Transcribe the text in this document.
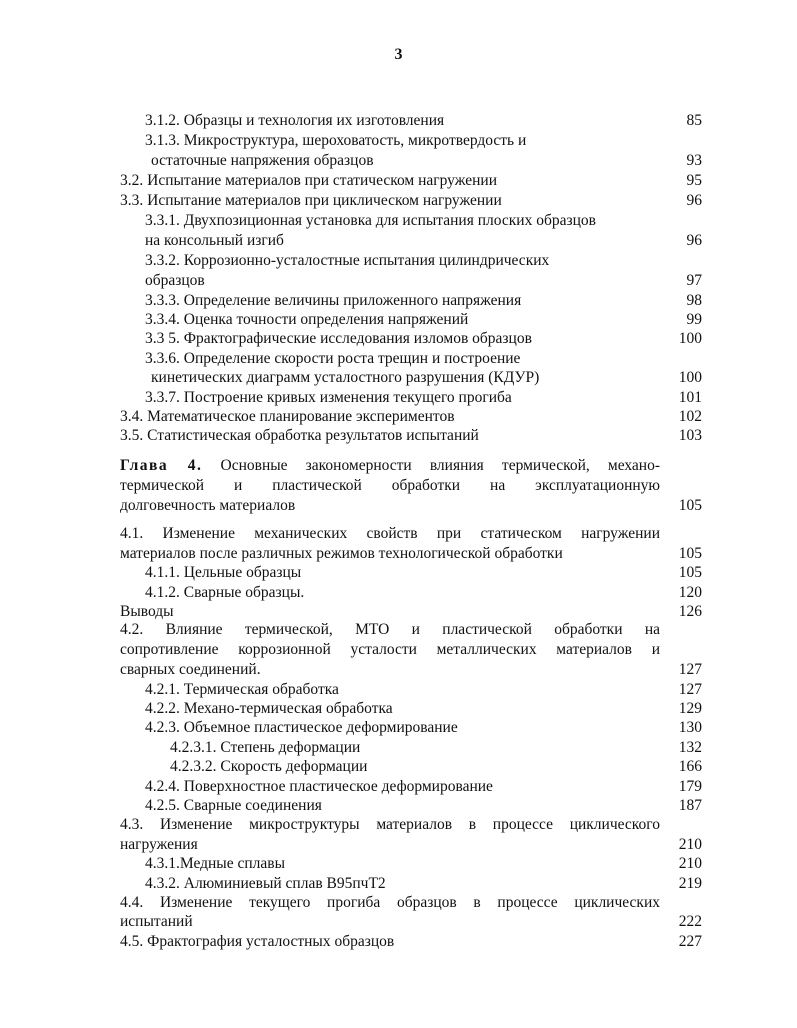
3
3.1.2. Образцы и технология их изготовления	85
3.1.3. Микроструктура, шероховатость, микротвердость и
остаточные напряжения образцов	93
3.2. Испытание материалов при статическом нагружении	95
3.3. Испытание материалов при циклическом нагружении	96
3.3.1. Двухпозиционная установка для испытания плоских образцов
на консольный изгиб	96
3.3.2. Коррозионно-усталостные испытания цилиндрических
образцов	97
3.3.3. Определение величины приложенного напряжения	98
3.3.4. Оценка точности определения напряжений	99
3.3 5. Фрактографические исследования изломов образцов	100
3.3.6. Определение скорости роста трещин и построение
кинетических диаграмм усталостного разрушения (КДУР)	100
3.3.7. Построение кривых изменения текущего прогиба	101
3.4. Математическое планирование экспериментов	102
3.5. Статистическая обработка результатов испытаний	103
Глава 4. Основные закономерности влияния термической, механо-
термической и пластической обработки на эксплуатационную
долговечность материалов	105
4.1. Изменение механических свойств при статическом нагружении
материалов после различных режимов технологической обработки	105
4.1.1. Цельные образцы	105
4.1.2. Сварные образцы.	120
Выводы	126
4.2. Влияние термической, МТО и пластической обработки на
сопротивление коррозионной усталости металлических материалов и
сварных соединений.	127
4.2.1. Термическая обработка	127
4.2.2. Механо-термическая обработка	129
4.2.3. Объемное пластическое деформирование	130
4.2.3.1. Степень деформации	132
4.2.3.2. Скорость деформации	166
4.2.4. Поверхностное пластическое деформирование	179
4.2.5. Сварные соединения	187
4.3. Изменение микроструктуры материалов в процессе циклического
нагружения	210
4.3.1.Медные сплавы	210
4.3.2. Алюминиевый сплав В95пчТ2	219
4.4. Изменение текущего прогиба образцов в процессе циклических
испытаний	222
4.5. Фрактография усталостных образцов	227
